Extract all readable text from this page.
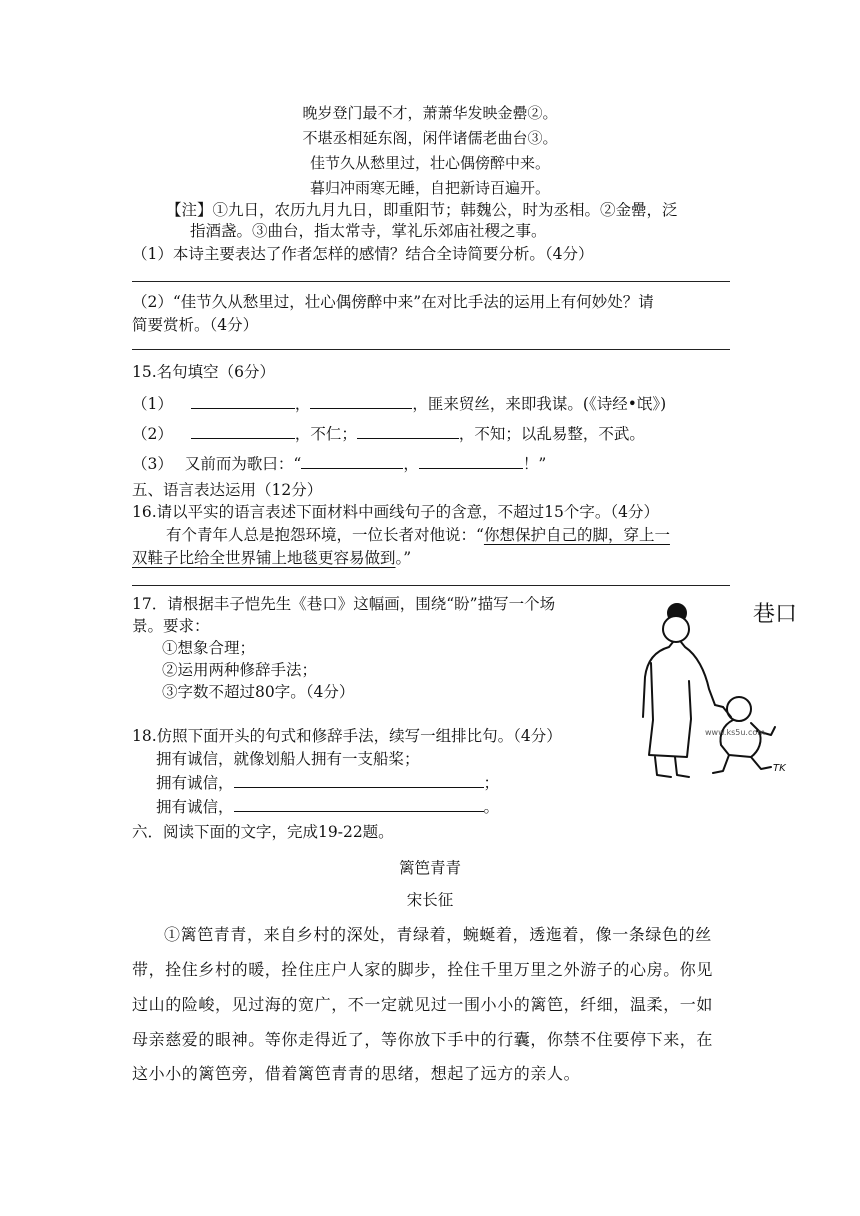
晚岁登门最不才，萧萧华发映金罍②。
不堪丞相延东阁，闲伴诸儒老曲台③。
佳节久从愁里过，壮心偶傍醉中来。
暮归冲雨寒无睡，自把新诗百遍开。
【注】①九日，农历九月九日，即重阳节；韩魏公，时为丞相。②金罍，泛
指酒盏。③曲台，指太常寺，掌礼乐郊庙社稷之事。
（1）本诗主要表达了作者怎样的感情？结合全诗简要分析。（4分）
（2）“佳节久从愁里过，壮心偶傍醉中来”在对比手法的运用上有何妙处？请
简要赏析。（4分）
15.名句填空（6分）
（1）	，	，匪来贸丝，来即我谋。(《诗经•氓》)
（2）	，不仁；	，不知；以乱易整，不武。
（3） 又前而为歌曰：“	，	！”
五、语言表达运用（12分）
16.请以平实的语言表述下面材料中画线句子的含意，不超过15个字。（4分）
有个青年人总是抱怨环境，一位长者对他说：“你想保护自己的脚，穿上一
双鞋子比给全世界铺上地毯更容易做到。”
17．请根据丰子恺先生《巷口》这幅画，围绕“盼”描写一个场
景。要求：
①想象合理；
②运用两种修辞手法；
③字数不超过80字。（4分）
巷口
www.ks5u.com
TK
18.仿照下面开头的句式和修辞手法，续写一组排比句。（4分）
拥有诚信，就像划船人拥有一支船桨；
拥有诚信，	；
拥有诚信，	。
六．阅读下面的文字，完成19-22题。
篱笆青青
宋长征
①篱笆青青，来自乡村的深处，青绿着，蜿蜒着，透迤着，像一条绿色的丝
带，拴住乡村的暖，拴住庄户人家的脚步，拴住千里万里之外游子的心房。你见
过山的险峻，见过海的宽广，不一定就见过一围小小的篱笆，纤细，温柔，一如
母亲慈爱的眼神。等你走得近了，等你放下手中的行囊，你禁不住要停下来，在
这小小的篱笆旁，借着篱笆青青的思绪，想起了远方的亲人。
